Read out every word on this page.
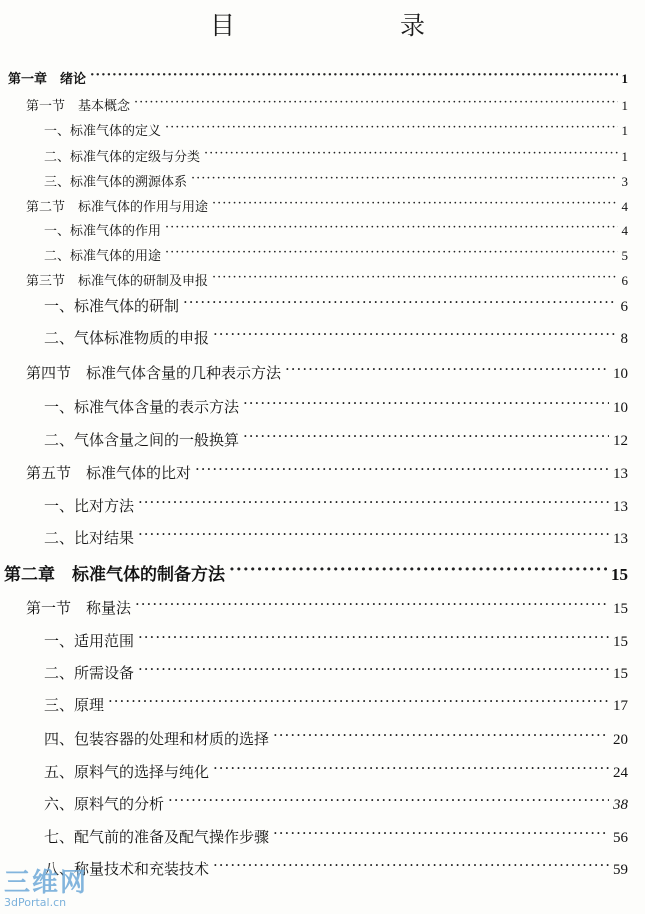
目　录
第一章　绪论 ·····	1
第一节　基本概念 ·····	1
一、标准气体的定义 ·····	1
二、标准气体的定级与分类 ·····	1
三、标准气体的溯源体系 ·····	3
第二节　标准气体的作用与用途 ·····	4
一、标准气体的作用 ·····	4
二、标准气体的用途 ·····	5
第三节　标准气体的研制及申报 ·····	6
一、标准气体的研制 ·····	6
二、气体标准物质的申报 ·····	8
第四节　标准气体含量的几种表示方法 ·····	10
一、标准气体含量的表示方法 ·····	10
二、气体含量之间的一般换算 ·····	12
第五节　标准气体的比对 ·····	13
一、比对方法 ·····	13
二、比对结果 ·····	13
第二章　标准气体的制备方法 ·····	15
第一节　称量法 ·····	15
一、适用范围 ·····	15
二、所需设备 ·····	15
三、原理 ·····	17
四、包装容器的处理和材质的选择 ·····	20
五、原料气的选择与纯化 ·····	24
六、原料气的分析 ·····	38
七、配气前的准备及配气操作步骤 ·····	56
八、称量技术和充装技术 ·····	59
三维网
3dPortal.cn
